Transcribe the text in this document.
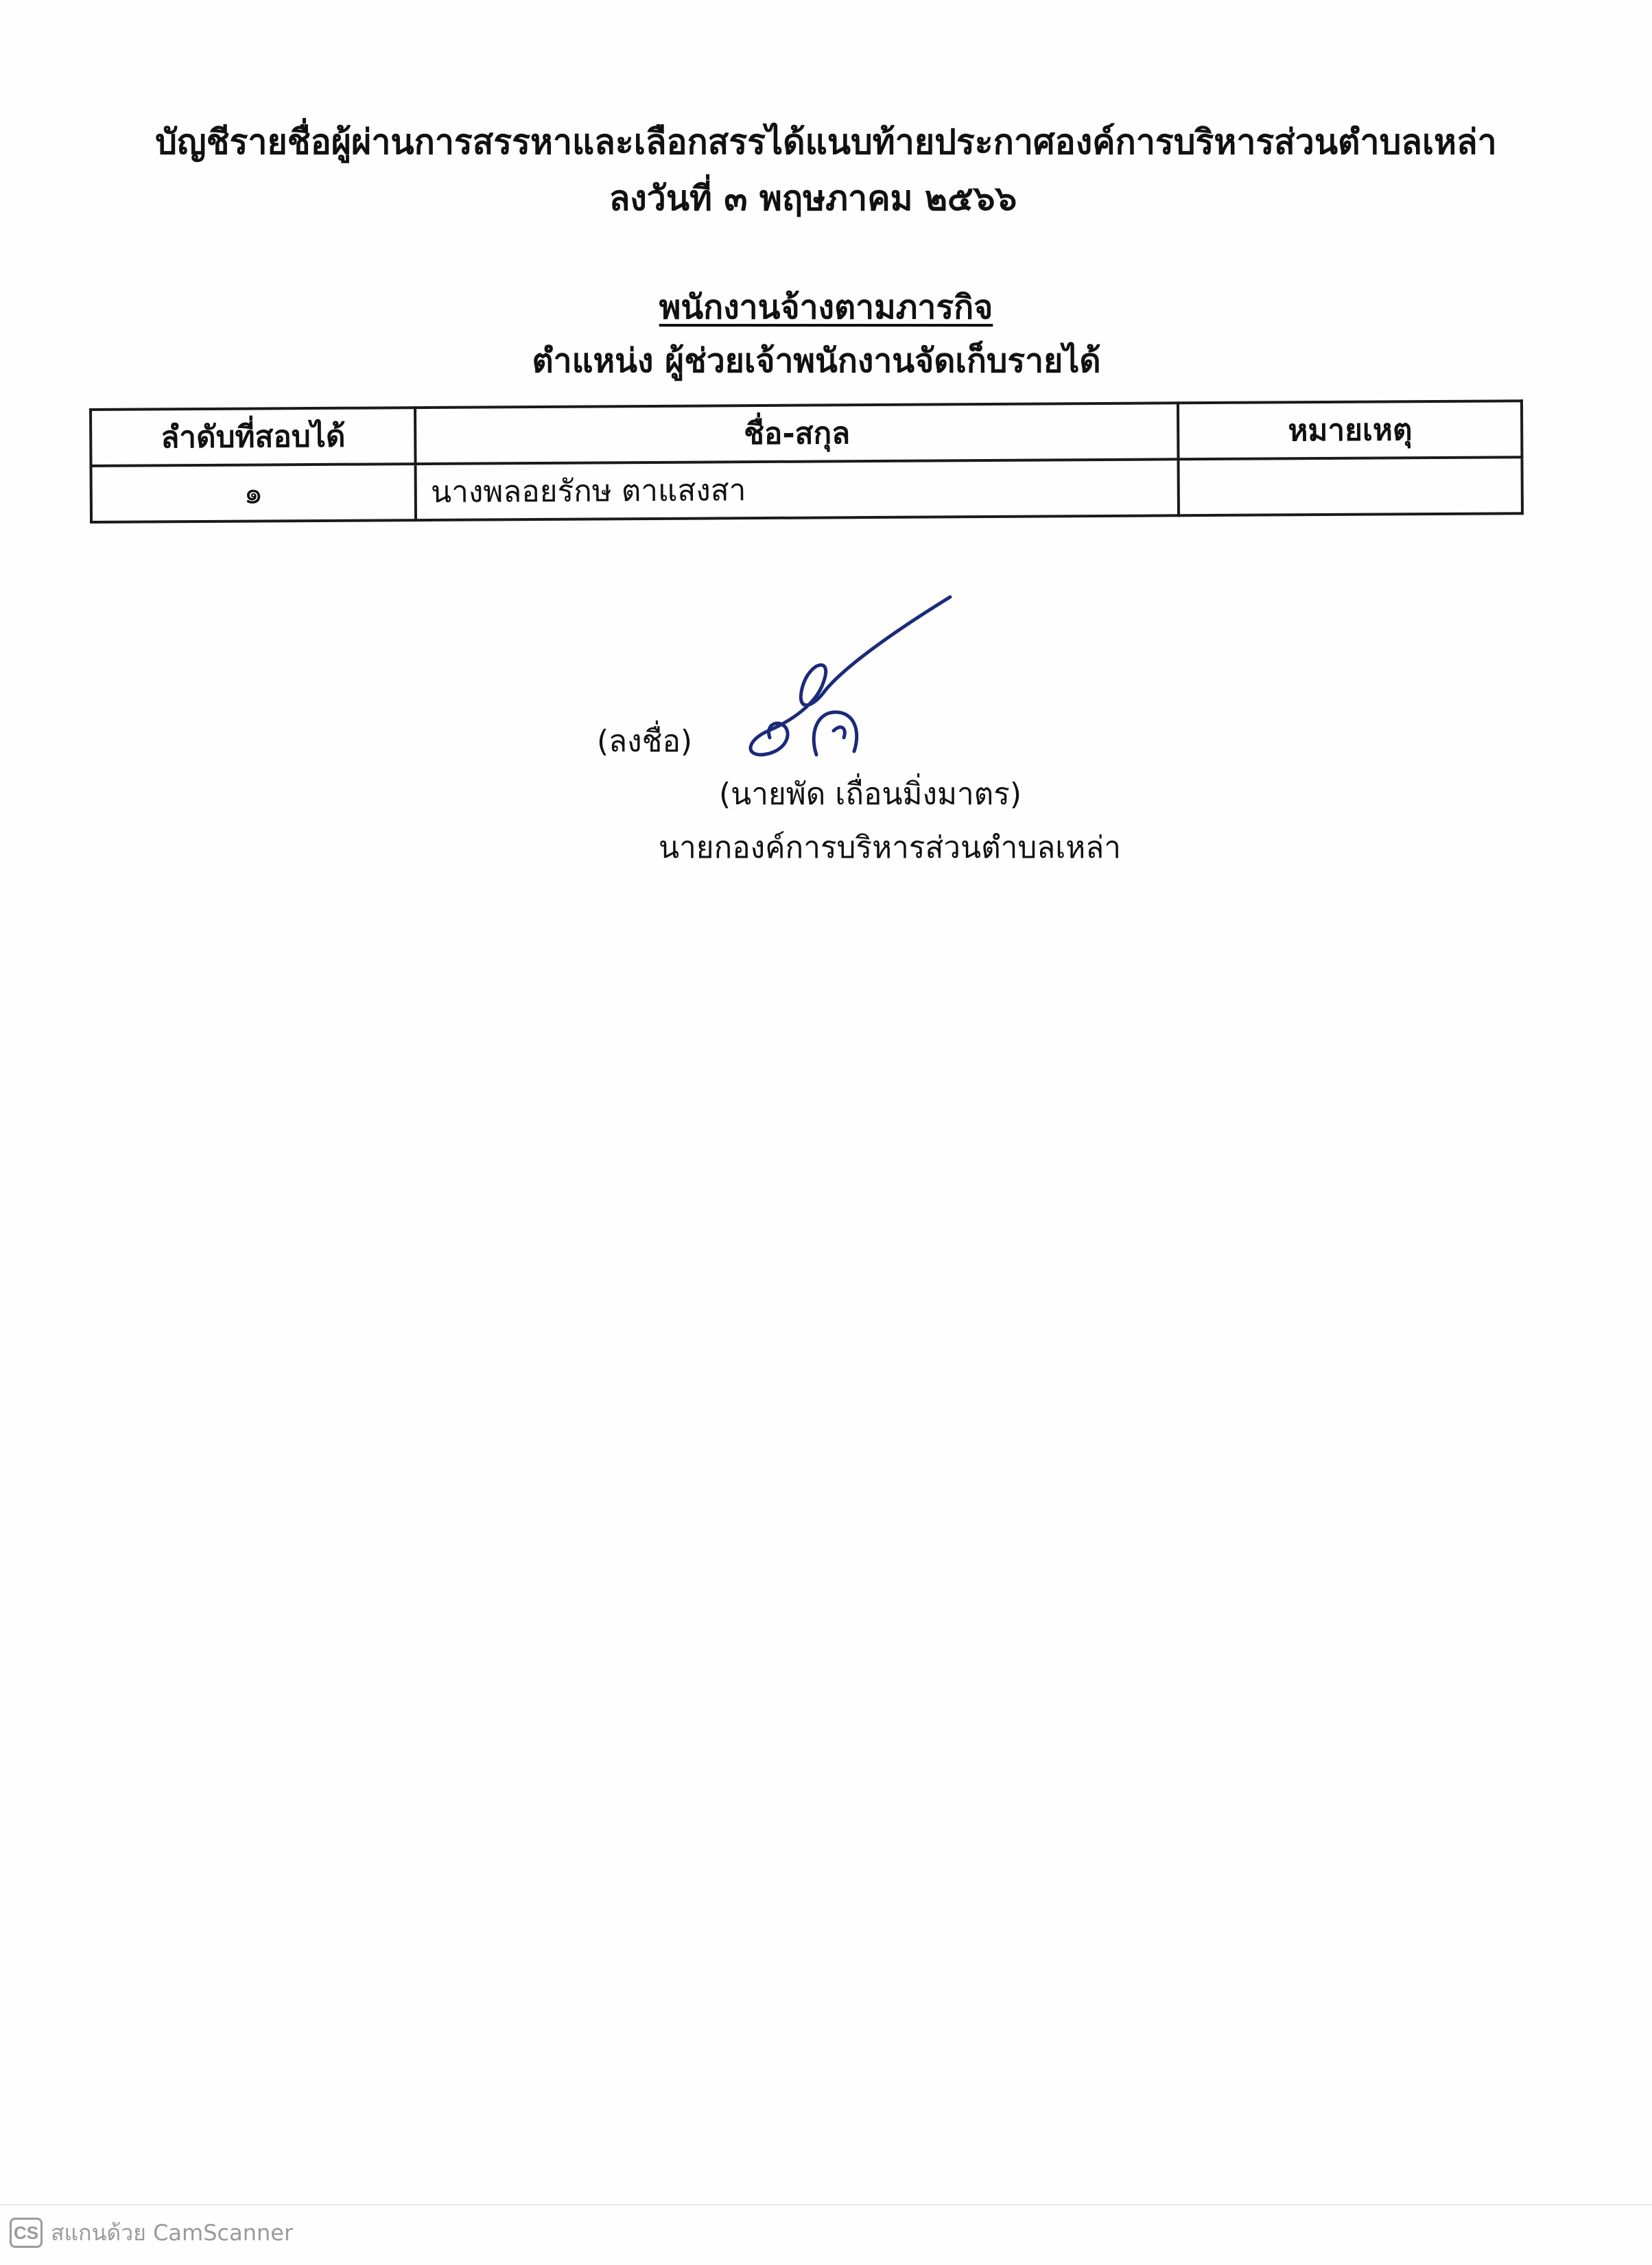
บัญชีรายชื่อผู้ผ่านการสรรหาและเลือกสรรได้แนบท้ายประกาศองค์การบริหารส่วนตำบลเหล่า
ลงวันที่ ๓ พฤษภาคม ๒๕๖๖
พนักงานจ้างตามภารกิจ
ตำแหน่ง ผู้ช่วยเจ้าพนักงานจัดเก็บรายได้
ลำดับที่สอบได้	ชื่อ-สกุล	หมายเหตุ
๑	นางพลอยรักษ ตาแสงสา	
(ลงชื่อ)
(นายพัด เถื่อนมิ่งมาตร)
นายกองค์การบริหารส่วนตำบลเหล่า
CS สแกนด้วย CamScanner
